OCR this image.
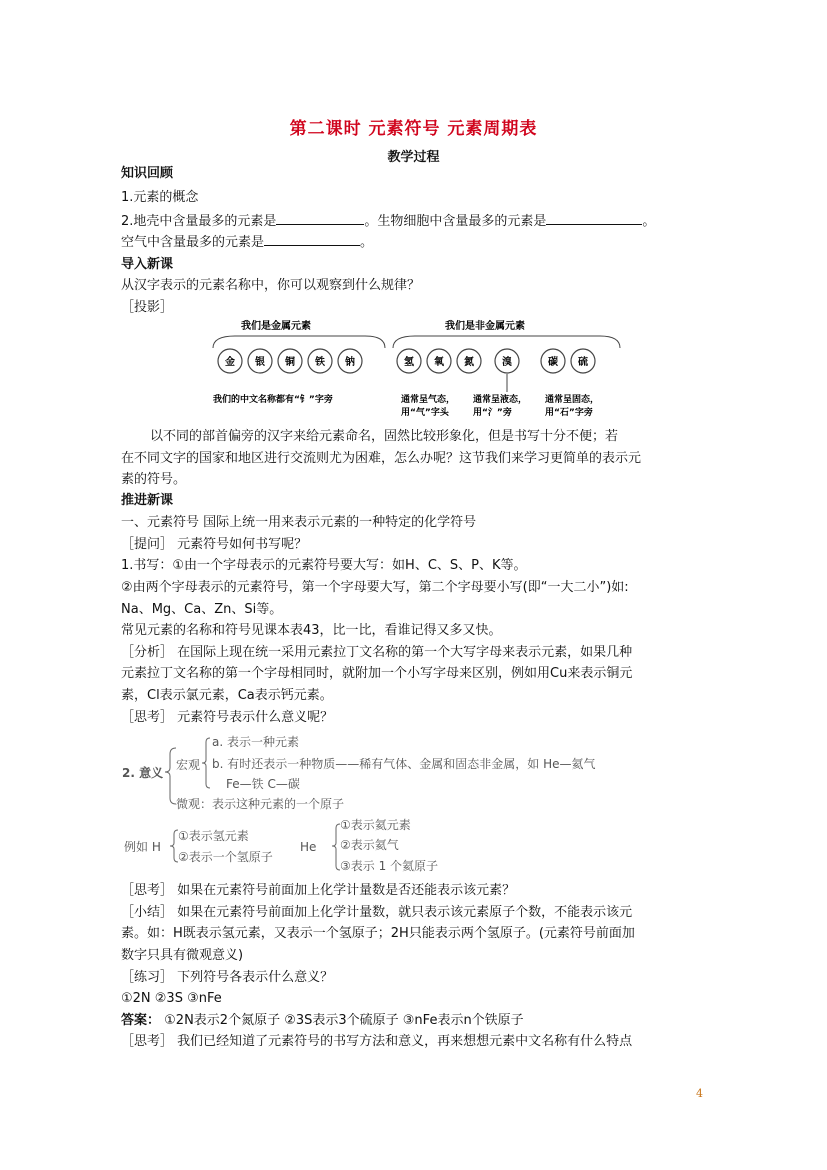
第二课时 元素符号 元素周期表
教学过程
知识回顾
1.元素的概念
2.地壳中含量最多的元素是	。生物细胞中含量最多的元素是	。
空气中含量最多的元素是	。
导入新课
从汉字表示的元素名称中，你可以观察到什么规律？
［投影］
我们是金属元素	我们是非金属元素
金 银 铜 铁 钠	氢 氧 氮	溴	碳 硫
我们的中文名称都有“钅”字旁	通常呈气态，
用“气”字头
通常呈液态，
用“氵”旁
通常呈固态，
用“石”字旁
以不同的部首偏旁的汉字来给元素命名，固然比较形象化，但是书写十分不便；若
在不同文字的国家和地区进行交流则尤为困难，怎么办呢？这节我们来学习更简单的表示元
素的符号。
推进新课
一、元素符号 国际上统一用来表示元素的一种特定的化学符号
［提问］ 元素符号如何书写呢？
1.书写：①由一个字母表示的元素符号要大写：如H、C、S、P、K等。
②由两个字母表示的元素符号，第一个字母要大写，第二个字母要小写(即“一大二小”)如:
Na、Mg、Ca、Zn、Si等。
常见元素的名称和符号见课本表43，比一比，看谁记得又多又快。
［分析］ 在国际上现在统一采用元素拉丁文名称的第一个大写字母来表示元素，如果几种
元素拉丁文名称的第一个字母相同时，就附加一个小写字母来区别，例如用Cu来表示铜元
素，Cl表示氯元素，Ca表示钙元素。
［思考］ 元素符号表示什么意义呢？
2. 意义
宏观
a. 表示一种元素
b. 有时还表示一种物质——稀有气体、金属和固态非金属，如 He—氦气
Fe—铁 C—碳
微观：表示这种元素的一个原子
例如 H
①表示氢元素
②表示一个氢原子
He
①表示氦元素
②表示氦气
③表示 1 个氦原子
［思考］ 如果在元素符号前面加上化学计量数是否还能表示该元素？
［小结］ 如果在元素符号前面加上化学计量数，就只表示该元素原子个数，不能表示该元
素。如：H既表示氢元素，又表示一个氢原子；2H只能表示两个氢原子。(元素符号前面加
数字只具有微观意义)
［练习］ 下列符号各表示什么意义？
①2N ②3S ③nFe
答案： ①2N表示2个氮原子 ②3S表示3个硫原子 ③nFe表示n个铁原子
［思考］ 我们已经知道了元素符号的书写方法和意义，再来想想元素中文名称有什么特点
4
